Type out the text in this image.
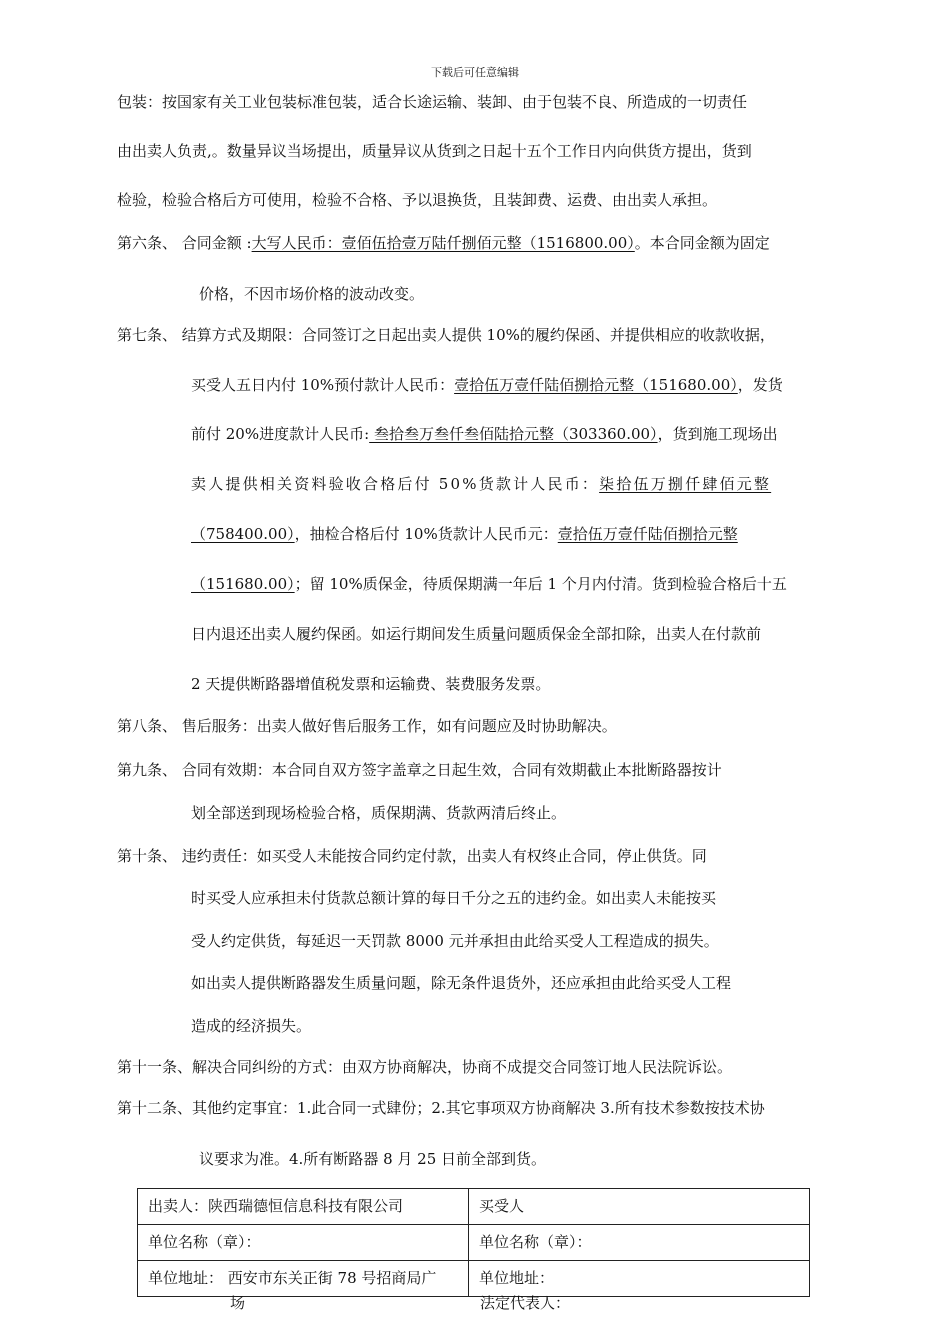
下载后可任意编辑
包装：按国家有关工业包装标准包装，适合长途运输、装卸、由于包装不良、所造成的一切责任
由出卖人负责,。数量异议当场提出，质量异议从货到之日起十五个工作日内向供货方提出，货到
检验，检验合格后方可使用，检验不合格、予以退换货，且装卸费、运费、由出卖人承担。
第六条、 合同金额 :大写人民币：壹佰伍拾壹万陆仟捌佰元整（1516800.00）。本合同金额为固定
价格，不因市场价格的波动改变。
第七条、 结算方式及期限：合同签订之日起出卖人提供 10%的履约保函、并提供相应的收款收据，
买受人五日内付 10%预付款计人民币：壹拾伍万壹仟陆佰捌拾元整（151680.00），发货
前付 20%进度款计人民币: 叁拾叁万叁仟叁佰陆拾元整（303360.00），货到施工现场出
卖人提供相关资料验收合格后付 50%货款计人民币：柒拾伍万捌仟肆佰元整
（758400.00），抽检合格后付 10%货款计人民币元：壹拾伍万壹仟陆佰捌拾元整
（151680.00）；留 10%质保金，待质保期满一年后 1 个月内付清。货到检验合格后十五
日内退还出卖人履约保函。如运行期间发生质量问题质保金全部扣除，出卖人在付款前
2 天提供断路器增值税发票和运输费、装费服务发票。
第八条、 售后服务：出卖人做好售后服务工作，如有问题应及时协助解决。
第九条、 合同有效期：本合同自双方签字盖章之日起生效，合同有效期截止本批断路器按计
划全部送到现场检验合格，质保期满、货款两清后终止。
第十条、 违约责任：如买受人未能按合同约定付款，出卖人有权终止合同，停止供货。同
时买受人应承担未付货款总额计算的每日千分之五的违约金。如出卖人未能按买
受人约定供货，每延迟一天罚款 8000 元并承担由此给买受人工程造成的损失。
如出卖人提供断路器发生质量问题，除无条件退货外，还应承担由此给买受人工程
造成的经济损失。
第十一条、解决合同纠纷的方式：由双方协商解决，协商不成提交合同签订地人民法院诉讼。
第十二条、其他约定事宜：1.此合同一式肆份；2.其它事项双方协商解决 3.所有技术参数按技术协
议要求为准。4.所有断路器 8 月 25 日前全部到货。
出卖人：陕西瑞德恒信息科技有限公司	买受人
单位名称（章）：	单位名称（章）：
单位地址： 西安市东关正街 78 号招商局广	单位地址：
场	法定代表人：
